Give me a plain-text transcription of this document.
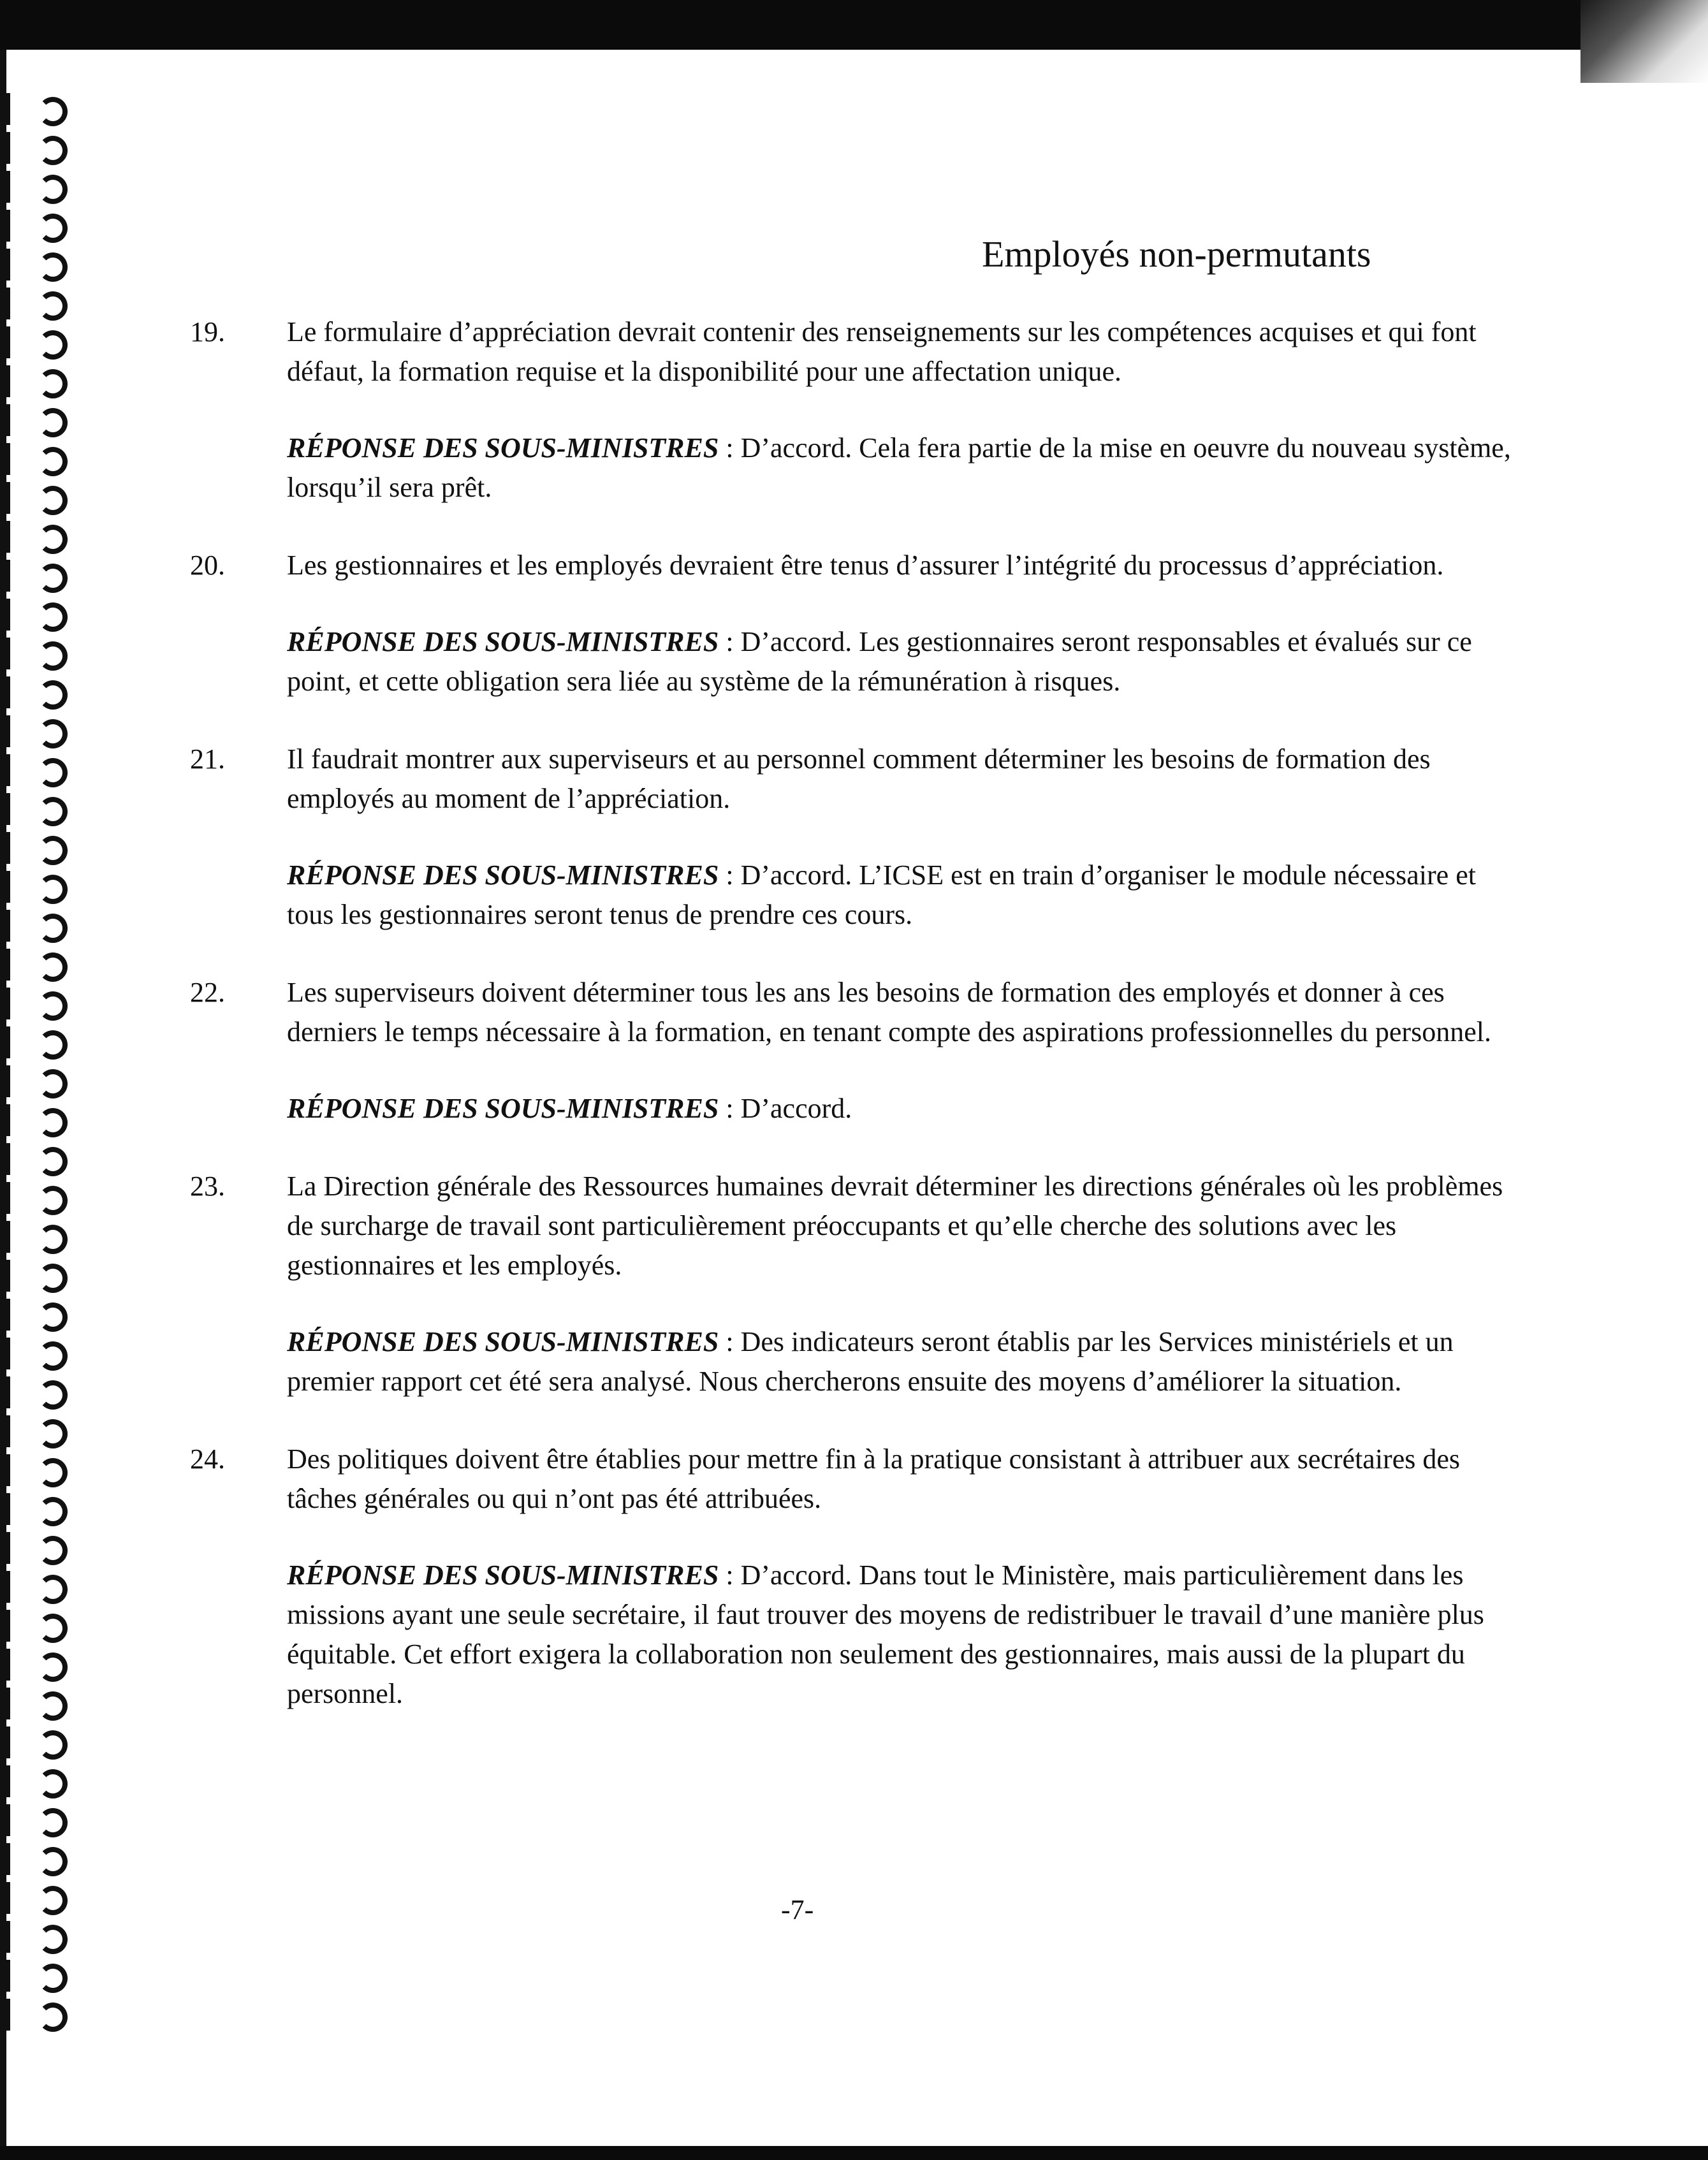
Employés non-permutants
19. Le formulaire d’appréciation devrait contenir des renseignements sur les compétences acquises et qui font défaut, la formation requise et la disponibilité pour une affectation unique.
RÉPONSE DES SOUS-MINISTRES : D’accord. Cela fera partie de la mise en oeuvre du nouveau système, lorsqu’il sera prêt.
20. Les gestionnaires et les employés devraient être tenus d’assurer l’intégrité du processus d’appréciation.
RÉPONSE DES SOUS-MINISTRES : D’accord. Les gestionnaires seront responsables et évalués sur ce point, et cette obligation sera liée au système de la rémunération à risques.
21. Il faudrait montrer aux superviseurs et au personnel comment déterminer les besoins de formation des employés au moment de l’appréciation.
RÉPONSE DES SOUS-MINISTRES : D’accord. L’ICSE est en train d’organiser le module nécessaire et tous les gestionnaires seront tenus de prendre ces cours.
22. Les superviseurs doivent déterminer tous les ans les besoins de formation des employés et donner à ces derniers le temps nécessaire à la formation, en tenant compte des aspirations professionnelles du personnel.
RÉPONSE DES SOUS-MINISTRES : D’accord.
23. La Direction générale des Ressources humaines devrait déterminer les directions générales où les problèmes de surcharge de travail sont particulièrement préoccupants et qu’elle cherche des solutions avec les gestionnaires et les employés.
RÉPONSE DES SOUS-MINISTRES : Des indicateurs seront établis par les Services ministériels et un premier rapport cet été sera analysé. Nous chercherons ensuite des moyens d’améliorer la situation.
24. Des politiques doivent être établies pour mettre fin à la pratique consistant à attribuer aux secrétaires des tâches générales ou qui n’ont pas été attribuées.
RÉPONSE DES SOUS-MINISTRES : D’accord. Dans tout le Ministère, mais particulièrement dans les missions ayant une seule secrétaire, il faut trouver des moyens de redistribuer le travail d’une manière plus équitable. Cet effort exigera la collaboration non seulement des gestionnaires, mais aussi de la plupart du personnel.
-7-
